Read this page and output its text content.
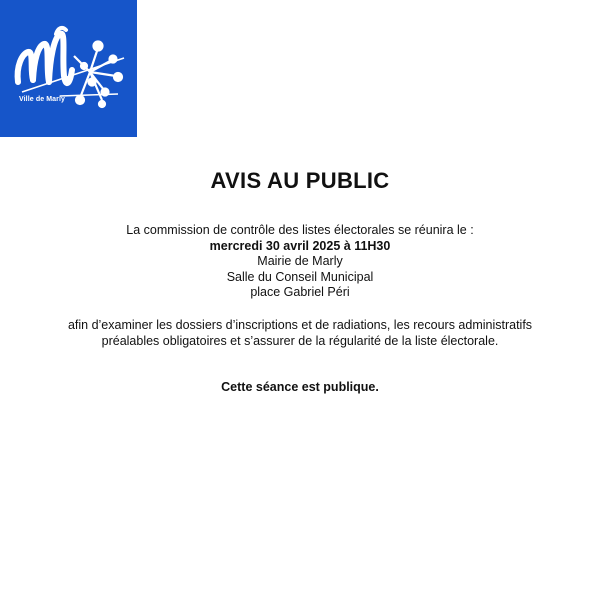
Ville de Marly
AVIS AU PUBLIC
La commission de contrôle des listes électorales se réunira le :
mercredi 30 avril 2025 à 11H30
Mairie de Marly
Salle du Conseil Municipal
place Gabriel Péri
afin d’examiner les dossiers d’inscriptions et de radiations, les recours administratifs
préalables obligatoires et s’assurer de la régularité de la liste électorale.
Cette séance est publique.
